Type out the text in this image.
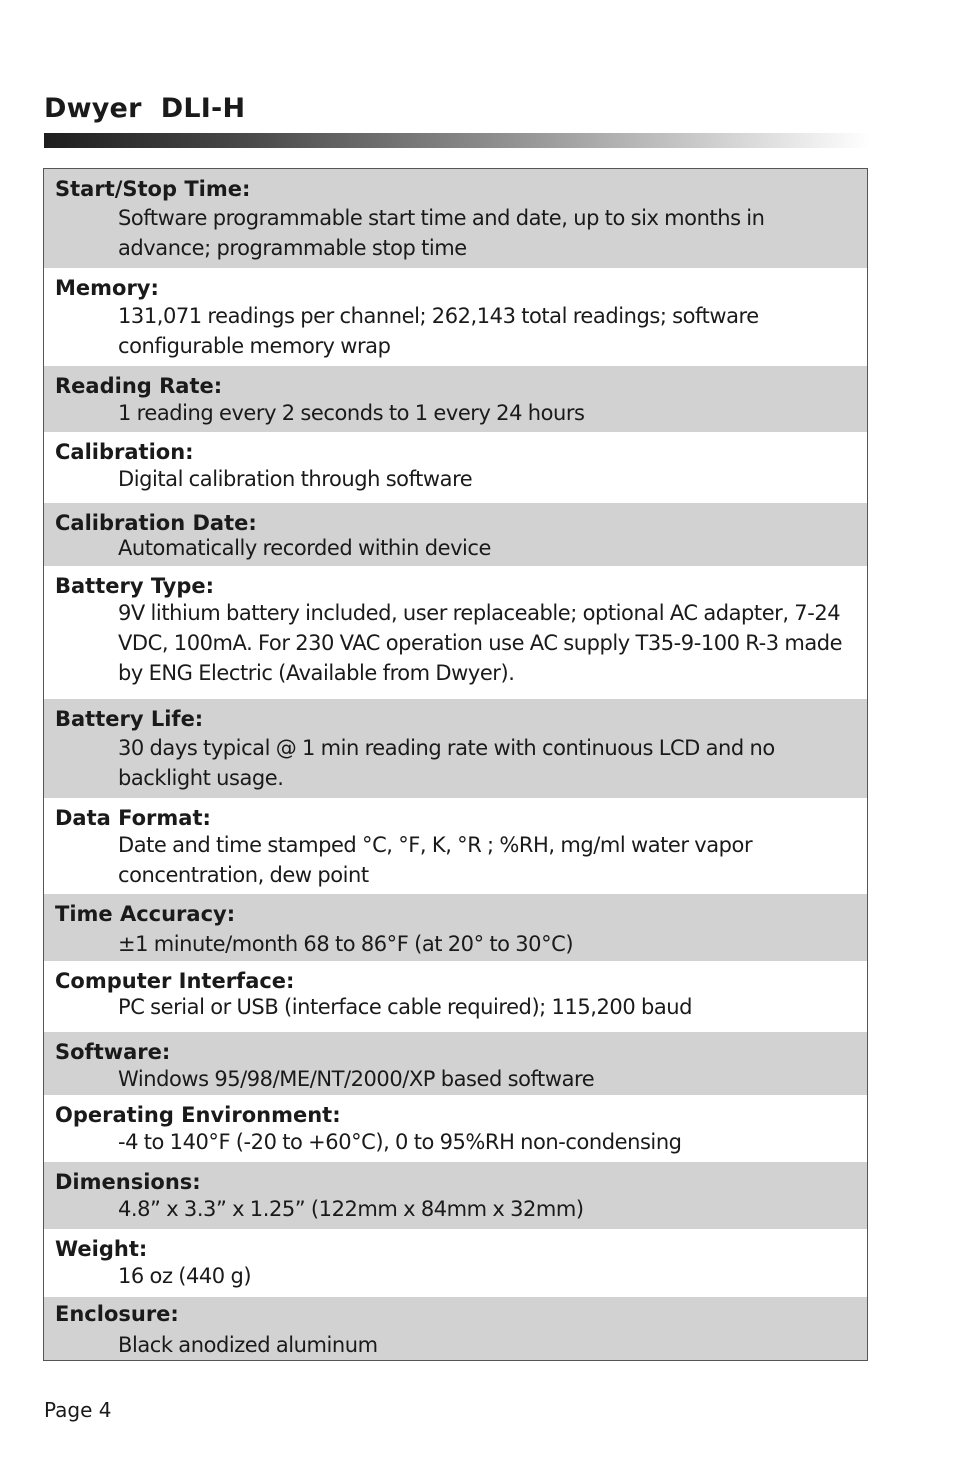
Dwyer  DLI-H
Start/Stop Time:
Software programmable start time and date, up to six months in advance; programmable stop time
Memory:
131,071 readings per channel; 262,143 total readings; software configurable memory wrap
Reading Rate:
1 reading every 2 seconds to 1 every 24 hours
Calibration:
Digital calibration through software
Calibration Date:
Automatically recorded within device
Battery Type:
9V lithium battery included, user replaceable; optional AC adapter, 7-24 VDC, 100mA. For 230 VAC operation use AC supply T35-9-100 R-3 made by ENG Electric (Available from Dwyer).
Battery Life:
30 days typical @ 1 min reading rate with continuous LCD and no backlight usage.
Data Format:
Date and time stamped °C, °F, K, °R ; %RH, mg/ml water vapor concentration, dew point
Time Accuracy:
±1 minute/month 68 to 86°F (at 20° to 30°C)
Computer Interface:
PC serial or USB (interface cable required); 115,200 baud
Software:
Windows 95/98/ME/NT/2000/XP based software
Operating Environment:
-4 to 140°F (-20 to +60°C), 0 to 95%RH non-condensing
Dimensions:
4.8” x 3.3” x 1.25” (122mm x 84mm x 32mm)
Weight:
16 oz (440 g)
Enclosure:
Black anodized aluminum
Page 4
